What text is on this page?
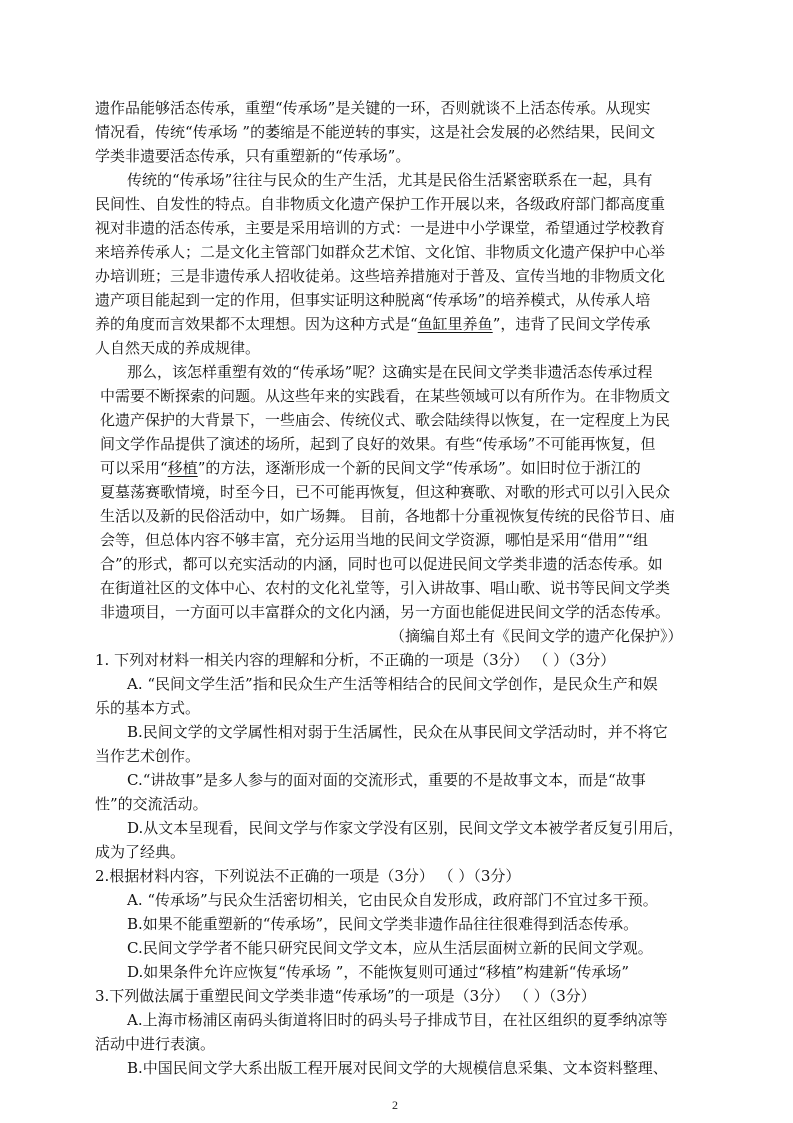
遗作品能够活态传承，重塑“传承场”是关键的一环，否则就谈不上活态传承。从现实
情况看，传统“传承场 ”的萎缩是不能逆转的事实，这是社会发展的必然结果，民间文
学类非遗要活态传承，只有重塑新的“传承场”。
传统的“传承场”往往与民众的生产生活，尤其是民俗生活紧密联系在一起，具有
民间性、自发性的特点。自非物质文化遗产保护工作开展以来，各级政府部门都高度重
视对非遗的活态传承，主要是采用培训的方式：一是进中小学课堂，希望通过学校教育
来培养传承人；二是文化主管部门如群众艺术馆、文化馆、非物质文化遗产保护中心举
办培训班；三是非遗传承人招收徒弟。这些培养措施对于普及、宣传当地的非物质文化
遗产项目能起到一定的作用，但事实证明这种脱离“传承场”的培养模式，从传承人培
养的角度而言效果都不太理想。因为这种方式是“鱼缸里养鱼”，违背了民间文学传承
人自然天成的养成规律。
那么，该怎样重塑有效的“传承场”呢？这确实是在民间文学类非遗活态传承过程
中需要不断探索的问题。从这些年来的实践看，在某些领域可以有所作为。在非物质文
化遗产保护的大背景下，一些庙会、传统仪式、歌会陆续得以恢复，在一定程度上为民
间文学作品提供了演述的场所，起到了良好的效果。有些“传承场”不可能再恢复，但
可以采用“移植”的方法，逐渐形成一个新的民间文学“传承场”。如旧时位于浙江的
夏墓荡赛歌情境，时至今日，已不可能再恢复，但这种赛歌、对歌的形式可以引入民众
生活以及新的民俗活动中，如广场舞。 目前，各地都十分重视恢复传统的民俗节日、庙
会等，但总体内容不够丰富，充分运用当地的民间文学资源，哪怕是采用“借用”“组
合”的形式，都可以充实活动的内涵，同时也可以促进民间文学类非遗的活态传承。如
在街道社区的文体中心、农村的文化礼堂等，引入讲故事、唱山歌、说书等民间文学类
非遗项目，一方面可以丰富群众的文化内涵，另一方面也能促进民间文学的活态传承。
（摘编自郑土有《民间文学的遗产化保护》）
1. 下列对材料一相关内容的理解和分析，不正确的一项是（3分） （ ）（3分）
A. “民间文学生活”指和民众生产生活等相结合的民间文学创作，是民众生产和娱
乐的基本方式。
B.民间文学的文学属性相对弱于生活属性，民众在从事民间文学活动时，并不将它
当作艺术创作。
C.“讲故事”是多人参与的面对面的交流形式，重要的不是故事文本，而是“故事
性”的交流活动。
D.从文本呈现看，民间文学与作家文学没有区别，民间文学文本被学者反复引用后，
成为了经典。
2.根据材料内容，下列说法不正确的一项是（3分） （ ）（3分）
A. “传承场”与民众生活密切相关，它由民众自发形成，政府部门不宜过多干预。
B.如果不能重塑新的“传承场”，民间文学类非遗作品往往很难得到活态传承。
C.民间文学学者不能只研究民间文学文本，应从生活层面树立新的民间文学观。
D.如果条件允许应恢复“传承场 ”，不能恢复则可通过“移植”构建新“传承场”
3.下列做法属于重塑民间文学类非遗“传承场”的一项是（3分） （ ）（3分）
A.上海市杨浦区南码头街道将旧时的码头号子排成节目，在社区组织的夏季纳凉等
活动中进行表演。
B.中国民间文学大系出版工程开展对民间文学的大规模信息采集、文本资料整理、
2
